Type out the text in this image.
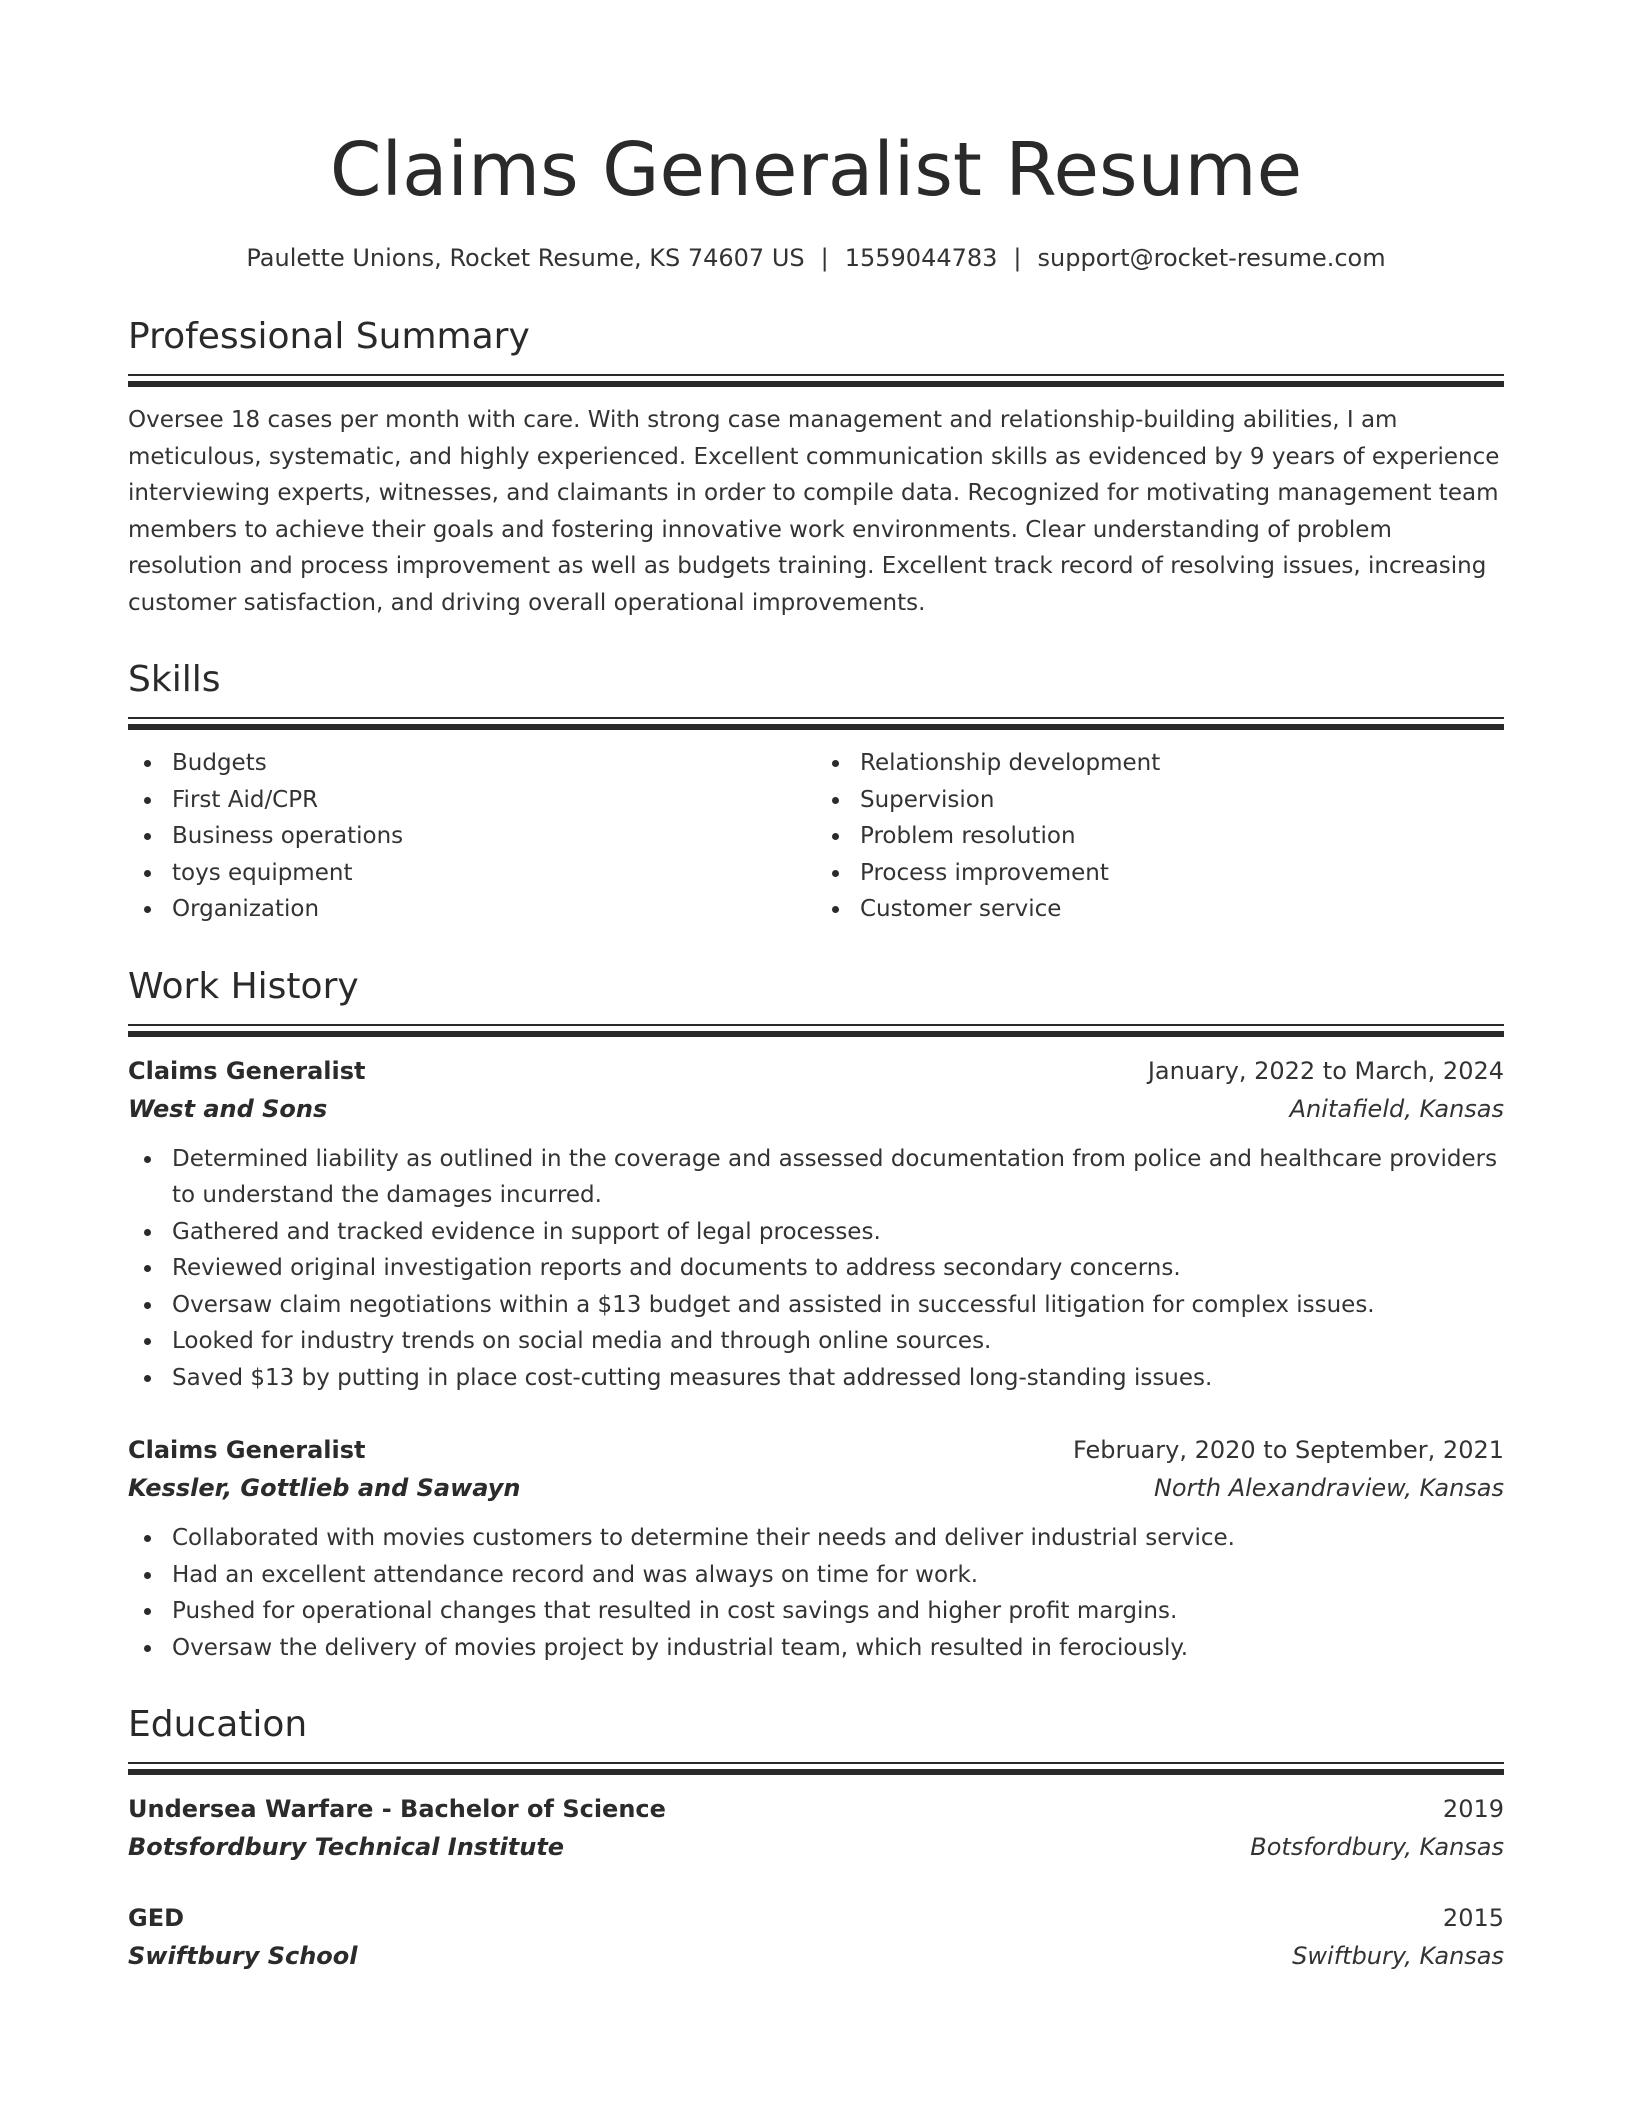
Claims Generalist Resume
Paulette Unions, Rocket Resume, KS 74607 US | 1559044783 | support@rocket-resume.com
Professional Summary

Oversee 18 cases per month with care. With strong case management and relationship-building abilities, I am meticulous, systematic, and highly experienced. Excellent communication skills as evidenced by 9 years of experience interviewing experts, witnesses, and claimants in order to compile data. Recognized for motivating management team members to achieve their goals and fostering innovative work environments. Clear understanding of problem resolution and process improvement as well as budgets training. Excellent track record of resolving issues, increasing customer satisfaction, and driving overall operational improvements.

Skills
Budgets
First Aid/CPR
Business operations
toys equipment
Organization
Relationship development
Supervision
Problem resolution
Process improvement
Customer service
Work History
Claims Generalist	January, 2022 to March, 2024
West and Sons	Anitafield, Kansas
Determined liability as outlined in the coverage and assessed documentation from police and healthcare providers to understand the damages incurred.
Gathered and tracked evidence in support of legal processes.
Reviewed original investigation reports and documents to address secondary concerns.
Oversaw claim negotiations within a $13 budget and assisted in successful litigation for complex issues.
Looked for industry trends on social media and through online sources.
Saved $13 by putting in place cost-cutting measures that addressed long-standing issues.
Claims Generalist	February, 2020 to September, 2021
Kessler, Gottlieb and Sawayn	North Alexandraview, Kansas
Collaborated with movies customers to determine their needs and deliver industrial service.
Had an excellent attendance record and was always on time for work.
Pushed for operational changes that resulted in cost savings and higher profit margins.
Oversaw the delivery of movies project by industrial team, which resulted in ferociously.
Education
Undersea Warfare - Bachelor of Science	2019
Botsfordbury Technical Institute	Botsfordbury, Kansas
GED	2015
Swiftbury School	Swiftbury, Kansas
